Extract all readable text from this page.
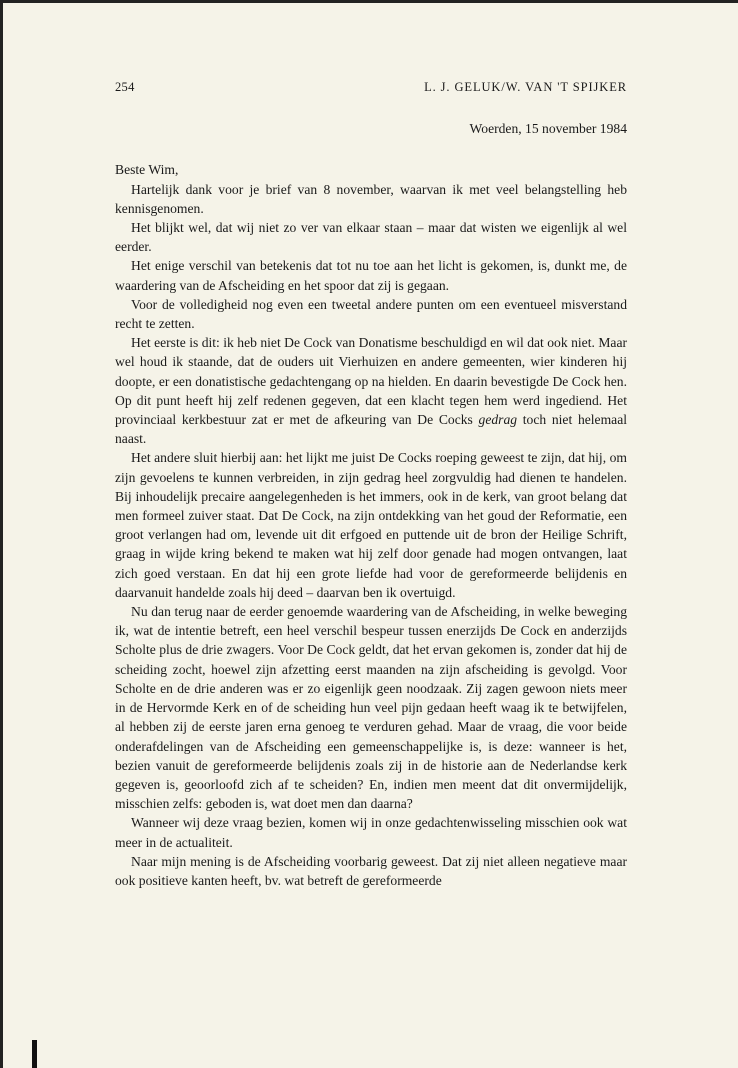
254	L. J. GELUK/W. VAN 'T SPIJKER
Woerden, 15 november 1984
Beste Wim,

Hartelijk dank voor je brief van 8 november, waarvan ik met veel belangstelling heb kennisgenomen.

Het blijkt wel, dat wij niet zo ver van elkaar staan – maar dat wisten we eigenlijk al wel eerder.

Het enige verschil van betekenis dat tot nu toe aan het licht is gekomen, is, dunkt me, de waardering van de Afscheiding en het spoor dat zij is gegaan.

Voor de volledigheid nog even een tweetal andere punten om een eventueel misverstand recht te zetten.

Het eerste is dit: ik heb niet De Cock van Donatisme beschuldigd en wil dat ook niet. Maar wel houd ik staande, dat de ouders uit Vierhuizen en andere gemeenten, wier kinderen hij doopte, er een donatistische gedachtengang op na hielden. En daarin bevestigde De Cock hen. Op dit punt heeft hij zelf redenen gegeven, dat een klacht tegen hem werd ingediend. Het provinciaal kerkbestuur zat er met de afkeuring van De Cocks gedrag toch niet helemaal naast.

Het andere sluit hierbij aan: het lijkt me juist De Cocks roeping geweest te zijn, dat hij, om zijn gevoelens te kunnen verbreiden, in zijn gedrag heel zorgvuldig had dienen te handelen. Bij inhoudelijk precaire aangelegenheden is het immers, ook in de kerk, van groot belang dat men formeel zuiver staat. Dat De Cock, na zijn ontdekking van het goud der Reformatie, een groot verlangen had om, levende uit dit erfgoed en puttende uit de bron der Heilige Schrift, graag in wijde kring bekend te maken wat hij zelf door genade had mogen ontvangen, laat zich goed verstaan. En dat hij een grote liefde had voor de gereformeerde belijdenis en daarvanuit handelde zoals hij deed – daarvan ben ik overtuigd.

Nu dan terug naar de eerder genoemde waardering van de Afscheiding, in welke beweging ik, wat de intentie betreft, een heel verschil bespeur tussen enerzijds De Cock en anderzijds Scholte plus de drie zwagers. Voor De Cock geldt, dat het ervan gekomen is, zonder dat hij de scheiding zocht, hoewel zijn afzetting eerst maanden na zijn afscheiding is gevolgd. Voor Scholte en de drie anderen was er zo eigenlijk geen noodzaak. Zij zagen gewoon niets meer in de Hervormde Kerk en of de scheiding hun veel pijn gedaan heeft waag ik te betwijfelen, al hebben zij de eerste jaren erna genoeg te verduren gehad. Maar de vraag, die voor beide onderafdelingen van de Afscheiding een gemeenschappelijke is, is deze: wanneer is het, bezien vanuit de gereformeerde belijdenis zoals zij in de historie aan de Nederlandse kerk gegeven is, geoorloofd zich af te scheiden? En, indien men meent dat dit onvermijdelijk, misschien zelfs: geboden is, wat doet men dan daarna?

Wanneer wij deze vraag bezien, komen wij in onze gedachtenwisseling misschien ook wat meer in de actualiteit.

Naar mijn mening is de Afscheiding voorbarig geweest. Dat zij niet alleen negatieve maar ook positieve kanten heeft, bv. wat betreft de gereformeerde
